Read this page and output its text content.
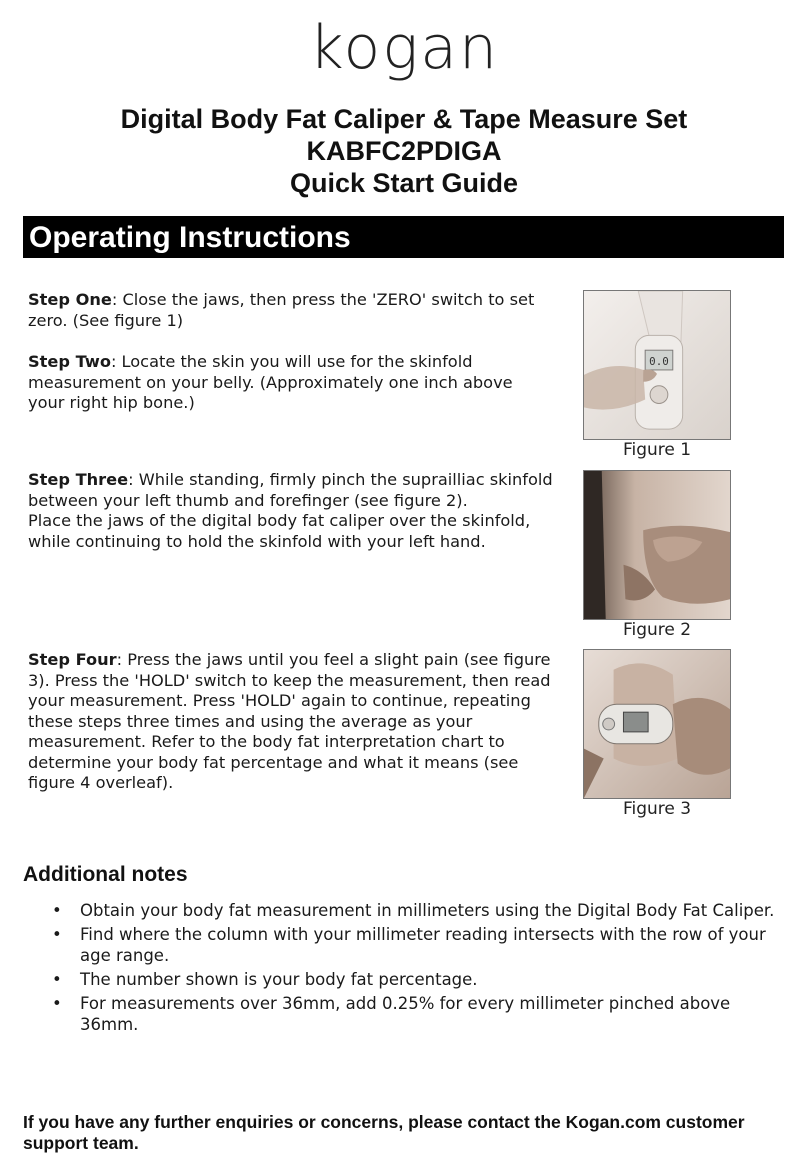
kogan
Digital Body Fat Caliper & Tape Measure Set
KABFC2PDIGA
Quick Start Guide
Operating Instructions

Step One: Close the jaws, then press the 'ZERO' switch to set zero. (See figure 1)

Step Two: Locate the skin you will use for the skinfold measurement on your belly. (Approximately one inch above your right hip bone.)

Step Three: While standing, firmly pinch the suprailliac skinfold between your left thumb and forefinger (see figure 2).

Place the jaws of the digital body fat caliper over the skinfold, while continuing to hold the skinfold with your left hand.

Step Four: Press the jaws until you feel a slight pain (see figure 3). Press the 'HOLD' switch to keep the measurement, then read your measurement. Press 'HOLD' again to continue, repeating these steps three times and using the average as your measurement. Refer to the body fat interpretation chart to determine your body fat percentage and what it means (see figure 4 overleaf).

0.0
Figure 1
Figure 2
Figure 3
Additional notes
• Obtain your body fat measurement in millimeters using the Digital Body Fat Caliper.
• Find where the column with your millimeter reading intersects with the row of your age range.
• The number shown is your body fat percentage.
• For measurements over 36mm, add 0.25% for every millimeter pinched above 36mm.
If you have any further enquiries or concerns, please contact the Kogan.com customer support team.
